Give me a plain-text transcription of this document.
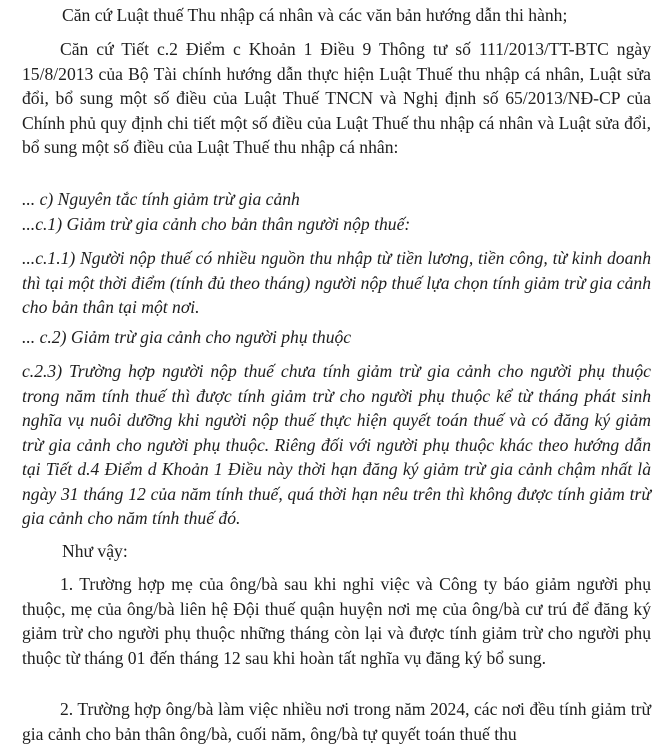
Căn cứ Luật thuế Thu nhập cá nhân và các văn bản hướng dẫn thi hành;

Căn cứ Tiết c.2 Điểm c Khoản 1 Điều 9 Thông tư số 111/2013/TT-BTC ngày 15/8/2013 của Bộ Tài chính hướng dẫn thực hiện Luật Thuế thu nhập cá nhân, Luật sửa đổi, bổ sung một số điều của Luật Thuế TNCN và Nghị định số 65/2013/NĐ-CP của Chính phủ quy định chi tiết một số điều của Luật Thuế thu nhập cá nhân và Luật sửa đổi, bổ sung một số điều của Luật Thuế thu nhập cá nhân:

... c) Nguyên tắc tính giảm trừ gia cảnh

...c.1) Giảm trừ gia cảnh cho bản thân người nộp thuế:

...c.1.1) Người nộp thuế có nhiều nguồn thu nhập từ tiền lương, tiền công, từ kinh doanh thì tại một thời điểm (tính đủ theo tháng) người nộp thuế lựa chọn tính giảm trừ gia cảnh cho bản thân tại một nơi.

... c.2) Giảm trừ gia cảnh cho người phụ thuộc

c.2.3) Trường hợp người nộp thuế chưa tính giảm trừ gia cảnh cho người phụ thuộc trong năm tính thuế thì được tính giảm trừ cho người phụ thuộc kể từ tháng phát sinh nghĩa vụ nuôi dưỡng khi người nộp thuế thực hiện quyết toán thuế và có đăng ký giảm trừ gia cảnh cho người phụ thuộc. Riêng đối với người phụ thuộc khác theo hướng dẫn tại Tiết d.4 Điểm d Khoản 1 Điều này thời hạn đăng ký giảm trừ gia cảnh chậm nhất là ngày 31 tháng 12 của năm tính thuế, quá thời hạn nêu trên thì không được tính giảm trừ gia cảnh cho năm tính thuế đó.

Như vậy:

1. Trường hợp mẹ của ông/bà sau khi nghỉ việc và Công ty báo giảm người phụ thuộc, mẹ của ông/bà liên hệ Đội thuế quận huyện nơi mẹ của ông/bà cư trú để đăng ký giảm trừ cho người phụ thuộc những tháng còn lại và được tính giảm trừ cho người phụ thuộc từ tháng 01 đến tháng 12 sau khi hoàn tất nghĩa vụ đăng ký bổ sung.

2. Trường hợp ông/bà làm việc nhiều nơi trong năm 2024, các nơi đều tính giảm trừ gia cảnh cho bản thân ông/bà, cuối năm, ông/bà tự quyết toán thuế thu
